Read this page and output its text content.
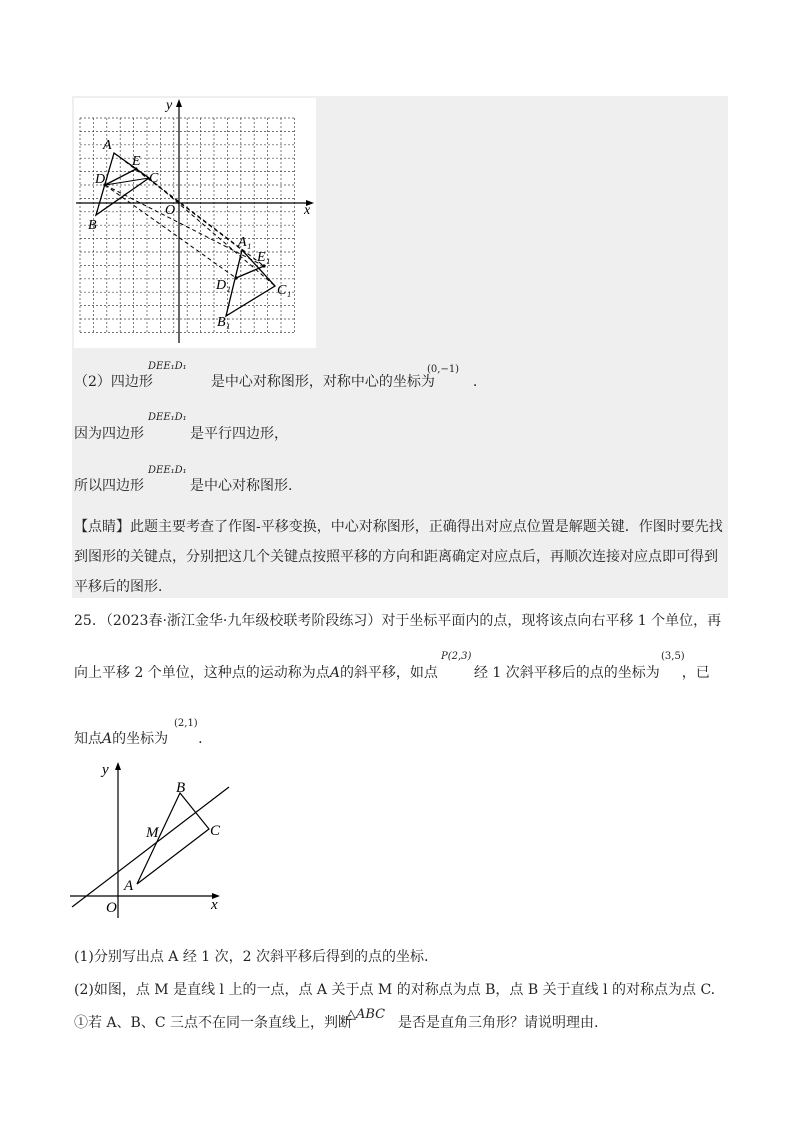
y
x
A
E
D	C
B
O
A₁
E₁
D₁	C₁
B₁
（2）四边形	是中心对称图形，对称中心的坐标为	.
DEE₁D₁	(0,−1)
因为四边形	是平行四边形，
DEE₁D₁
所以四边形	是中心对称图形.
DEE₁D₁
【点睛】此题主要考查了作图-平移变换，中心对称图形，正确得出对应点位置是解题关键．作图时要先找到图形的关键点，分别把这几个关键点按照平移的方向和距离确定对应点后，再顺次连接对应点即可得到平移后的图形．
25．（2023春·浙江金华·九年级校联考阶段练习）对于坐标平面内的点，现将该点向右平移 1 个单位，再
向上平移 2 个单位，这种点的运动称为点A的斜平移，如点	经 1 次斜平移后的点的坐标为 ，已
P(2,3)	(3,5)
知点A的坐标为 .
(2,1)
y
x
O
A
B
C
M
(1)分别写出点 A 经 1 次，2 次斜平移后得到的点的坐标.
(2)如图，点 M 是直线 l 上的一点，点 A 关于点 M 的对称点为点 B，点 B 关于直线 l 的对称点为点 C.
①若 A、B、C 三点不在同一条直线上，判断	是否是直角三角形？请说明理由.
△ABC
